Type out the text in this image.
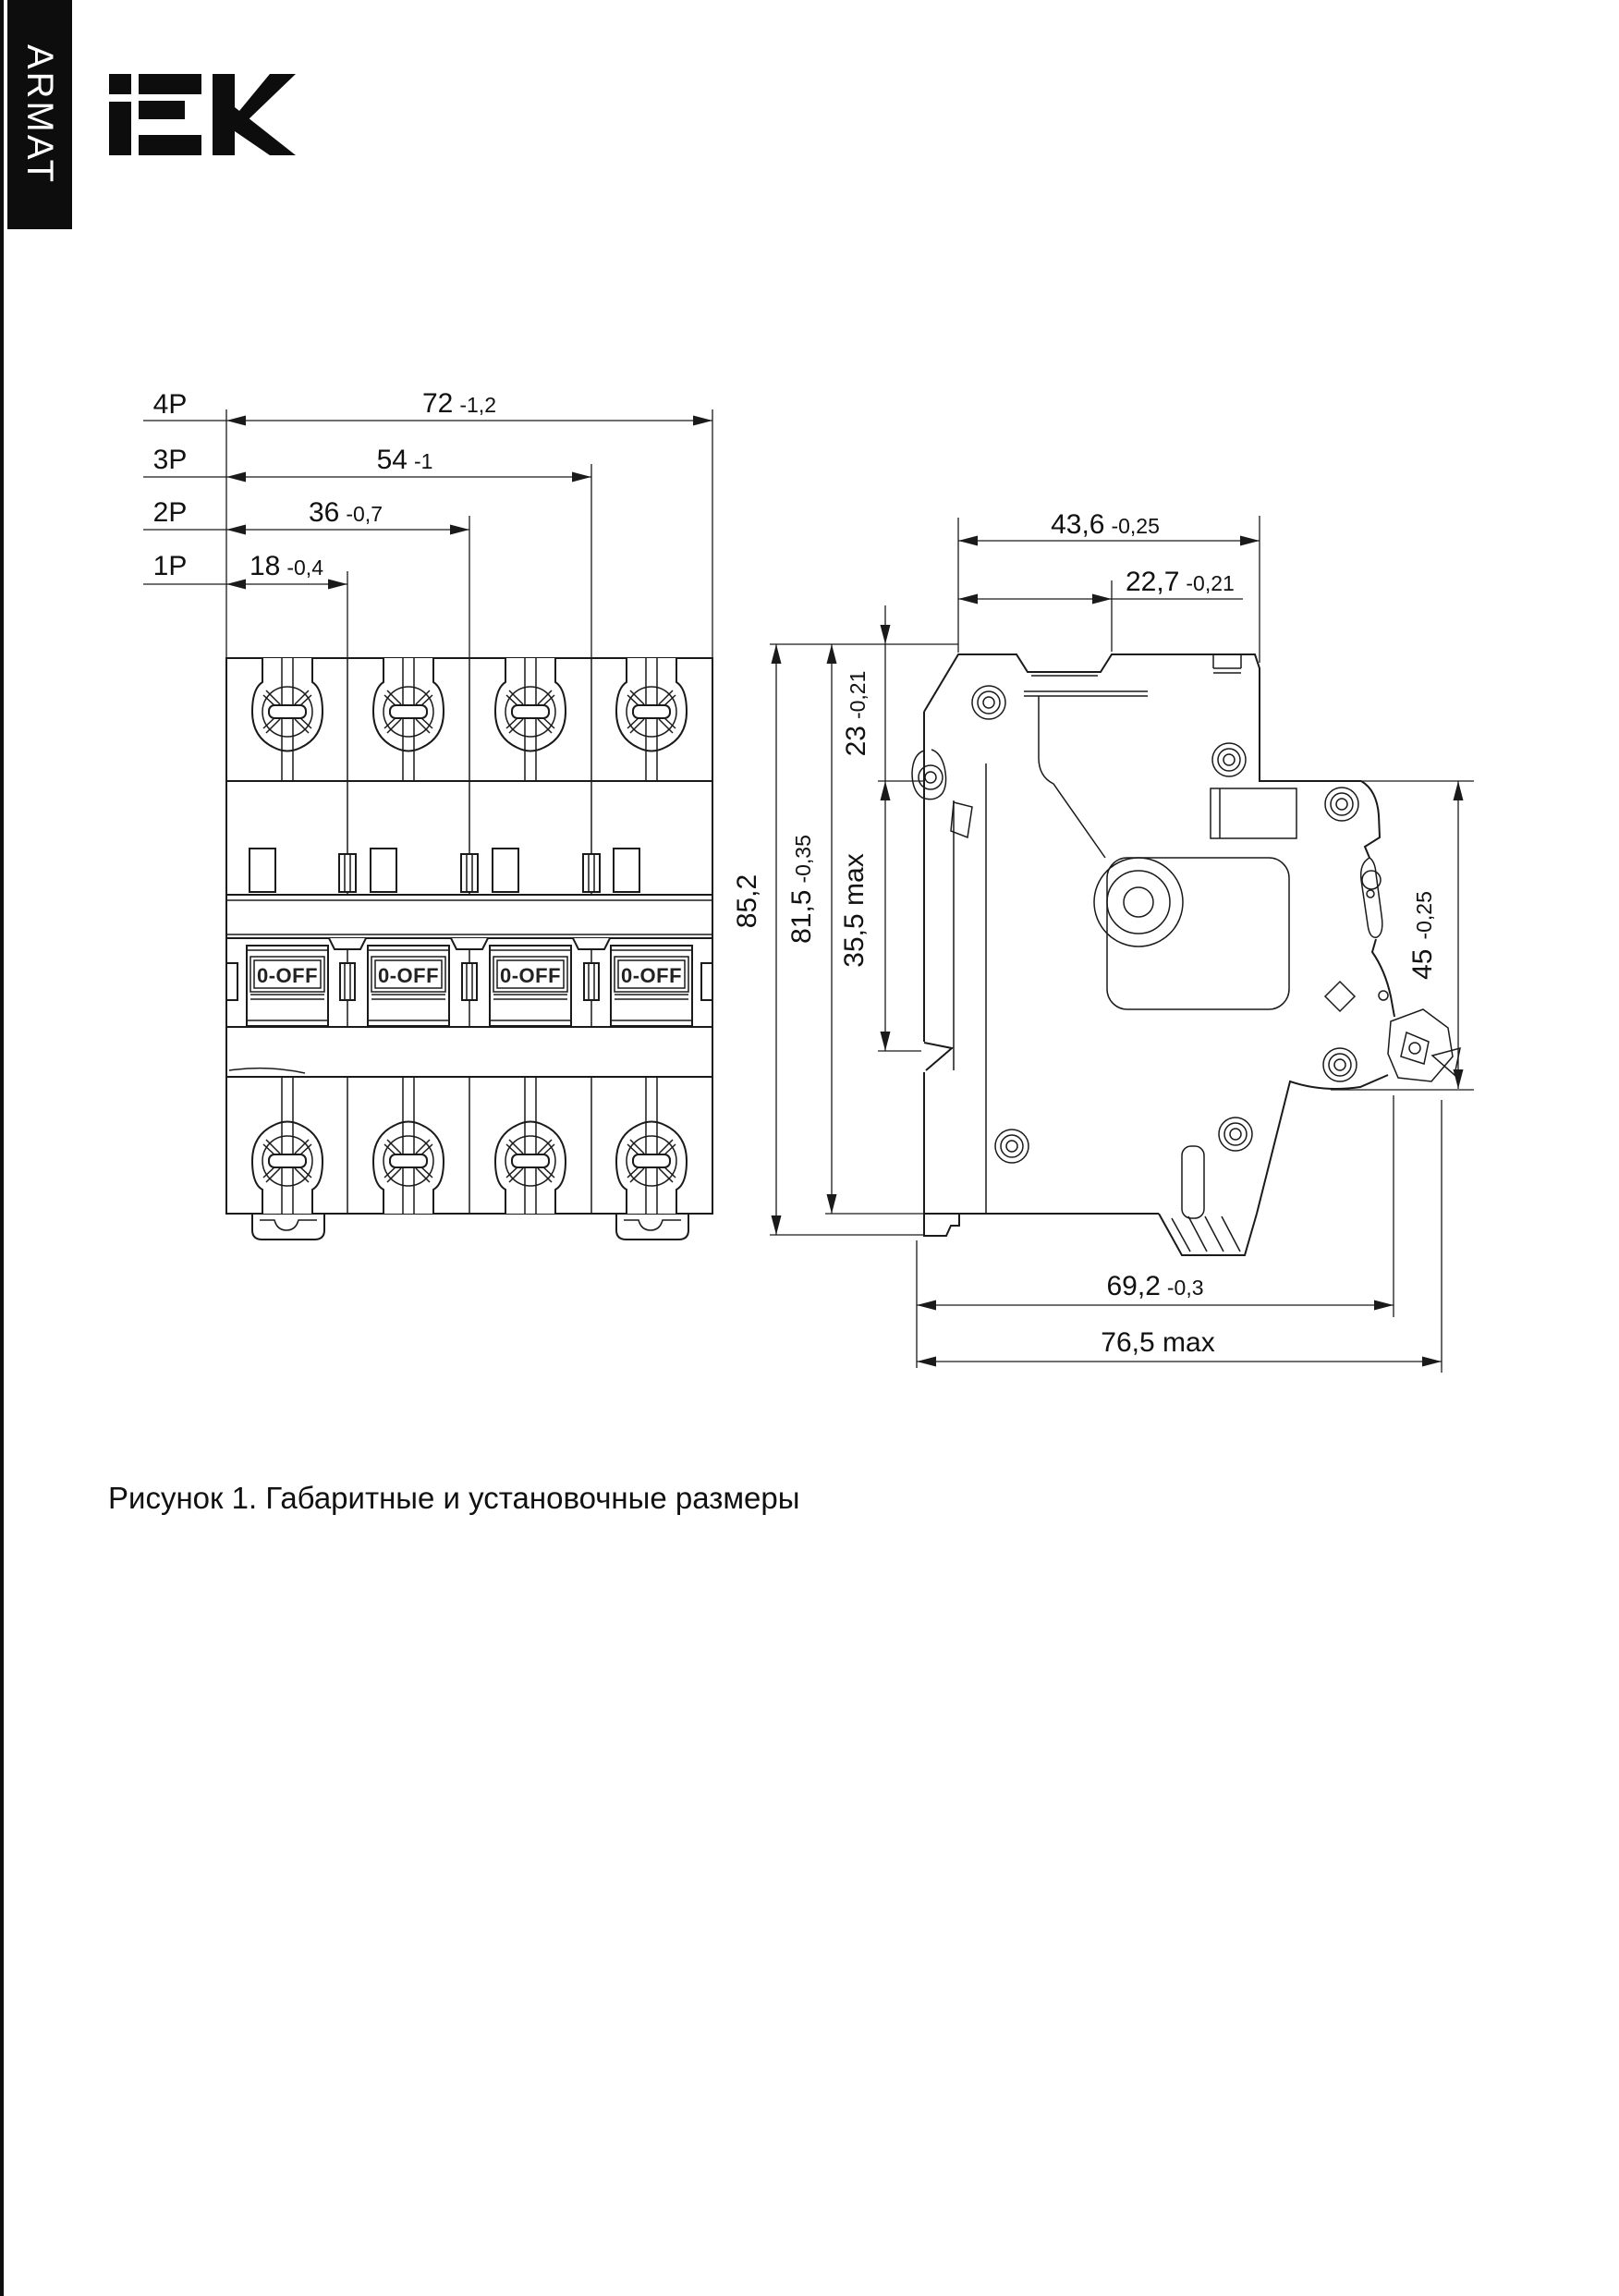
ARMAT
0-OFF	0-OFF	0-OFF	0-OFF
4P	72 -1,2
3P	54 -1
2P	36 -0,7
1P 18 -0,4
43,6 -0,25
22,7 -0,21
23-0,21
35,5 max
81,5-0,35
85,2
45-0,25
69,2 -0,3
76,5 max
Рисунок 1. Габаритные и установочные размеры
